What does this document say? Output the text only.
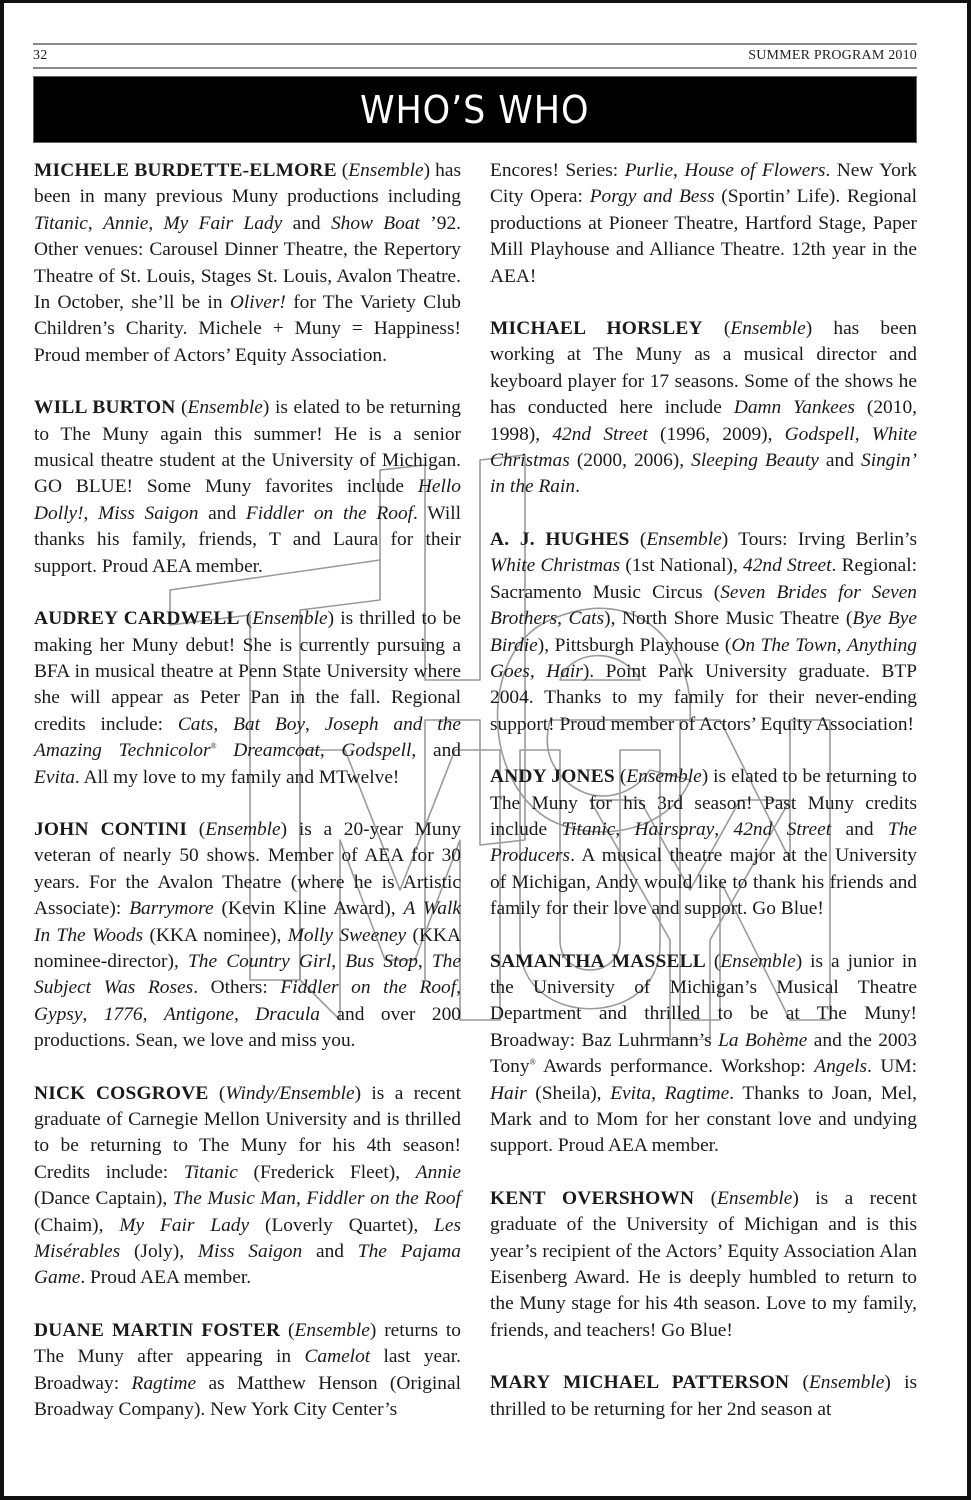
32	SUMMER PROGRAM 2010
WHO’S WHO

MICHELE BURDETTE-ELMORE (Ensemble) has been in many previous Muny productions including Titanic, Annie, My Fair Lady and Show Boat ’92. Other venues: Carousel Dinner Theatre, the Repertory Theatre of St. Louis, Stages St. Louis, Avalon Theatre. In October, she’ll be in Oliver! for The Variety Club Children’s Charity. Michele + Muny = Happiness! Proud member of Actors’ Equity Association.

WILL BURTON (Ensemble) is elated to be returning to The Muny again this summer! He is a senior musical theatre student at the University of Michigan. GO BLUE! Some Muny favorites include Hello Dolly!, Miss Saigon and Fiddler on the Roof. Will thanks his family, friends, T and Laura for their support. Proud AEA member.

AUDREY CARDWELL (Ensemble) is thrilled to be making her Muny debut! She is currently pursuing a BFA in musical theatre at Penn State University where she will appear as Peter Pan in the fall. Regional credits include: Cats, Bat Boy, Joseph and the Amazing Technicolor® Dreamcoat, Godspell, and Evita. All my love to my family and MTwelve!

JOHN CONTINI (Ensemble) is a 20-year Muny veteran of nearly 50 shows. Member of AEA for 30 years. For the Avalon Theatre (where he is Artistic Associate): Barrymore (Kevin Kline Award), A Walk In The Woods (KKA nominee), Molly Sweeney (KKA nominee-director), The Country Girl, Bus Stop, The Subject Was Roses. Others: Fiddler on the Roof, Gypsy, 1776, Antigone, Dracula and over 200 productions. Sean, we love and miss you.

NICK COSGROVE (Windy/Ensemble) is a recent graduate of Carnegie Mellon University and is thrilled to be returning to The Muny for his 4th season! Credits include: Titanic (Frederick Fleet), Annie (Dance Captain), The Music Man, Fiddler on the Roof (Chaim), My Fair Lady (Loverly Quartet), Les Misérables (Joly), Miss Saigon and The Pajama Game. Proud AEA member.

DUANE MARTIN FOSTER (Ensemble) returns to The Muny after appearing in Camelot last year. Broadway: Ragtime as Matthew Henson (Original Broadway Company). New York City Center’s

Encores! Series: Purlie, House of Flowers. New York City Opera: Porgy and Bess (Sportin’ Life). Regional productions at Pioneer Theatre, Hartford Stage, Paper Mill Playhouse and Alliance Theatre. 12th year in the AEA!

MICHAEL HORSLEY (Ensemble) has been working at The Muny as a musical director and keyboard player for 17 seasons. Some of the shows he has conducted here include Damn Yankees (2010, 1998), 42nd Street (1996, 2009), Godspell, White Christmas (2000, 2006), Sleeping Beauty and Singin’ in the Rain.

A. J. HUGHES (Ensemble) Tours: Irving Berlin’s White Christmas (1st National), 42nd Street. Regional: Sacramento Music Circus (Seven Brides for Seven Brothers, Cats), North Shore Music Theatre (Bye Bye Birdie), Pittsburgh Playhouse (On The Town, Anything Goes, Hair). Point Park University graduate. BTP 2004. Thanks to my family for their never-ending support! Proud member of Actors’ Equity Association!

ANDY JONES (Ensemble) is elated to be returning to The Muny for his 3rd season! Past Muny credits include Titanic, Hairspray, 42nd Street and The Producers. A musical theatre major at the University of Michigan, Andy would like to thank his friends and family for their love and support. Go Blue!

SAMANTHA MASSELL (Ensemble) is a junior in the University of Michigan’s Musical Theatre Department and thrilled to be at The Muny! Broadway: Baz Luhrmann’s La Bohème and the 2003 Tony® Awards performance. Workshop: Angels. UM: Hair (Sheila), Evita, Ragtime. Thanks to Joan, Mel, Mark and to Mom for her constant love and undying support. Proud AEA member.

KENT OVERSHOWN (Ensemble) is a recent graduate of the University of Michigan and is this year’s recipient of the Actors’ Equity Association Alan Eisenberg Award. He is deeply humbled to return to the Muny stage for his 4th season. Love to my family, friends, and teachers! Go Blue!

MARY MICHAEL PATTERSON (Ensemble) is thrilled to be returning for her 2nd season at
